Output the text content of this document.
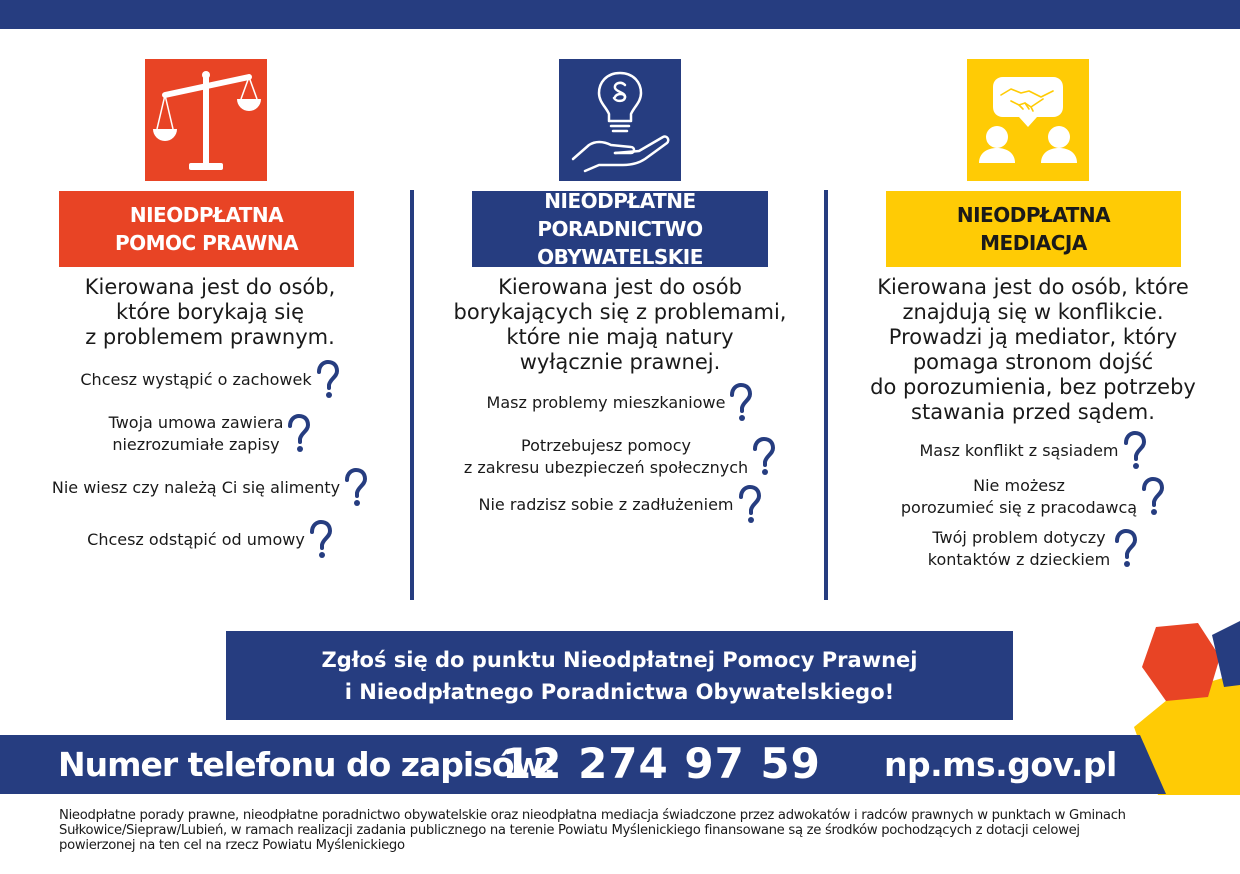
NIEODPŁATNA
POMOC PRAWNA
NIEODPŁATNE
PORADNICTWO OBYWATELSKIE
NIEODPŁATNA
MEDIACJA
Kierowana jest do osób,
które borykają się
z problemem prawnym.
Chcesz wystąpić o zachowek
Twoja umowa zawiera
niezrozumiałe zapisy
Nie wiesz czy należą Ci się alimenty
Chcesz odstąpić od umowy
Kierowana jest do osób
borykających się z problemami,
które nie mają natury
wyłącznie prawnej.
Masz problemy mieszkaniowe
Potrzebujesz pomocy
z zakresu ubezpieczeń społecznych
Nie radzisz sobie z zadłużeniem
Kierowana jest do osób, które
znajdują się w konflikcie.
Prowadzi ją mediator, który
pomaga stronom dojść
do porozumienia, bez potrzeby
stawania przed sądem.
Masz konflikt z sąsiadem
Nie możesz
porozumieć się z pracodawcą
Twój problem dotyczy
kontaktów z dzieckiem
Zgłoś się do punktu Nieodpłatnej Pomocy Prawnej
i Nieodpłatnego Poradnictwa Obywatelskiego!
Numer telefonu do zapisów:
12 274 97 59 np.ms.gov.pl
Nieodpłatne porady prawne, nieodpłatne poradnictwo obywatelskie oraz nieodpłatna mediacja świadczone przez adwokatów i radców prawnych w punktach w Gminach
Sułkowice/Siepraw/Lubień, w ramach realizacji zadania publicznego na terenie Powiatu Myślenickiego finansowane są ze środków pochodzących z dotacji celowej
powierzonej na ten cel na rzecz Powiatu Myślenickiego
